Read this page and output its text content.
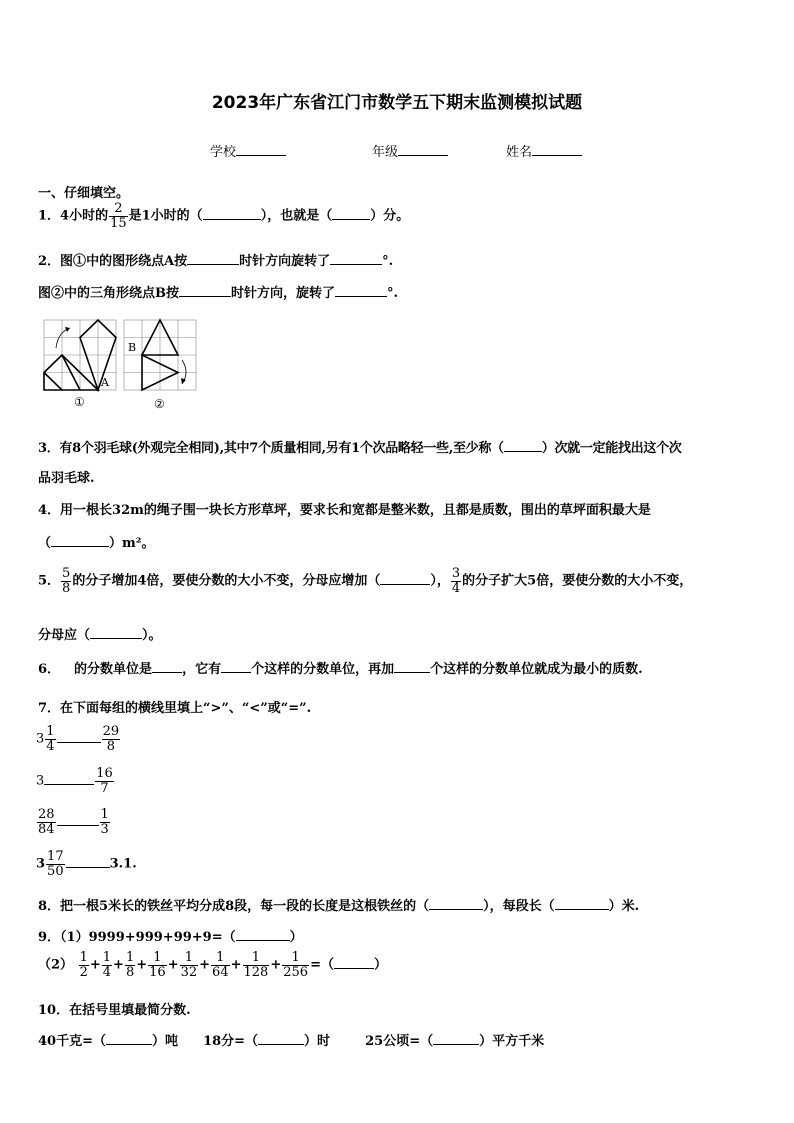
2023年广东省江门市数学五下期末监测模拟试题
学校	年级	姓名
一、仔细填空。
1．4小时的 $\frac{2}{15}$ 是1小时的（	），也就是（	）分。
2．图①中的图形绕点A按	时针方向旋转了	°.
图②中的三角形绕点B按	时针方向，旋转了	°.
A
①
B
②
3．有8个羽毛球(外观完全相同),其中7个质量相同,另有1个次品略轻一些,至少称（	）次就一定能找出这个次
品羽毛球.
4．用一根长32m的绳子围一块长方形草坪，要求长和宽都是整米数，且都是质数，围出的草坪面积最大是
（	）m²。
5． $\frac{5}{8}$ 的分子增加4倍，要使分数的大小不变，分母应增加（	）， $\frac{3}{4}$ 的分子扩大5倍，要使分数的大小不变，
分母应（	）。
6． 的分数单位是 ，它有 个这样的分数单位，再加	个这样的分数单位就成为最小的质数.
7．在下面每组的横线里填上“>”、“<”或“=”.
$3 \frac{1}{4}$	$\frac{29}{8}$
3	$\frac{16}{7}$
$\frac{28}{84}$	$\frac{1}{3}$
$3 \frac{17}{50}$	3.1.
8．把一根5米长的铁丝平均分成8段，每一段的长度是这根铁丝的（	），每段长（	）米.
9．（1）9999+999+99+9=（	）
$(2) \frac{1}{2} + \frac{1}{4} + \frac{1}{8} + \frac{1}{16} + \frac{1}{32} + \frac{1}{64} + \frac{1}{128} + \frac{1}{256}$ =（	）
10．在括号里填最简分数.
40千克=（	）吨 18分=（	）时	25公顷=（	）平方千米
